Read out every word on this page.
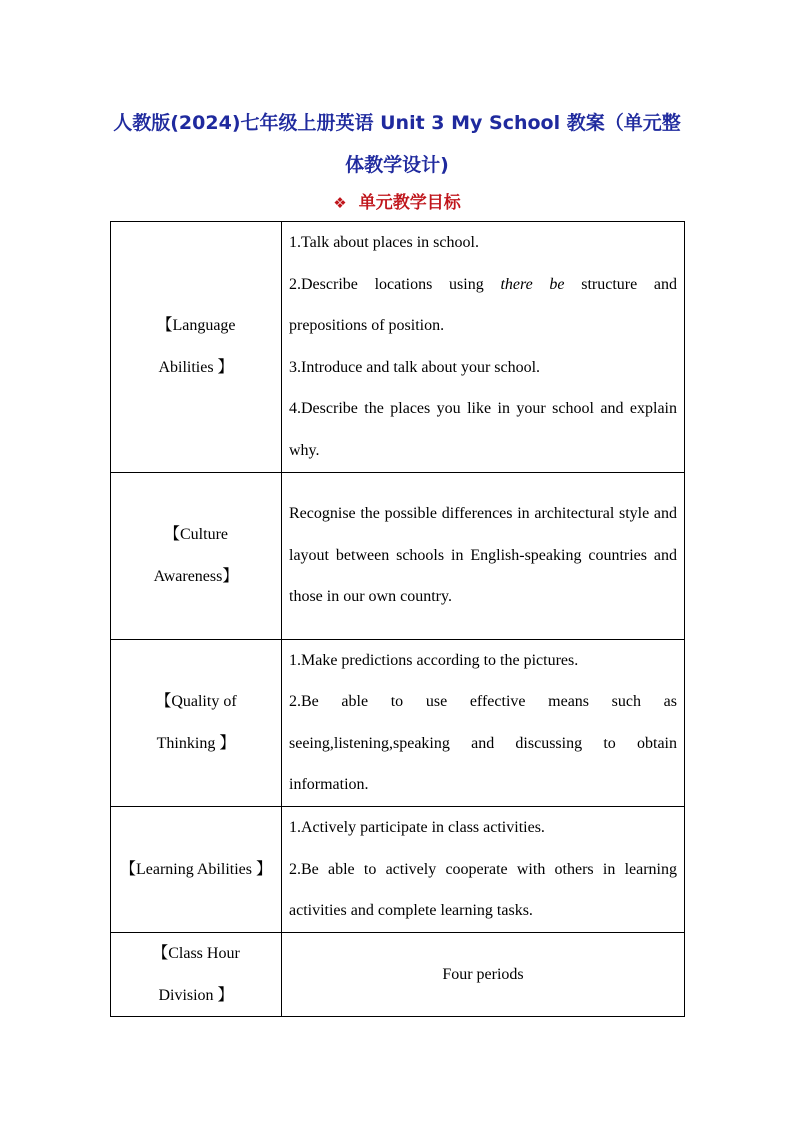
人教版(2024)七年级上册英语 Unit 3 My School 教案（单元整
体教学设计)
❖ 单元教学目标
【Language
Abilities 】	1.Talk about places in school.
2.Describe locations using there be structure and prepositions of position.
3.Introduce and talk about your school.
4.Describe the places you like in your school and explain why.

【Culture
Awareness】	Recognise the possible differences in architectural style and layout between schools in English-speaking countries and those in our own country.

【Quality of
Thinking 】	1.Make predictions according to the pictures.
2.Be able to use effective means such as seeing,listening,speaking and discussing to obtain information.

【Learning Abilities 】	1.Actively participate in class activities.
2.Be able to actively cooperate with others in learning activities and complete learning tasks.

【Class Hour
Division 】	Four periods
